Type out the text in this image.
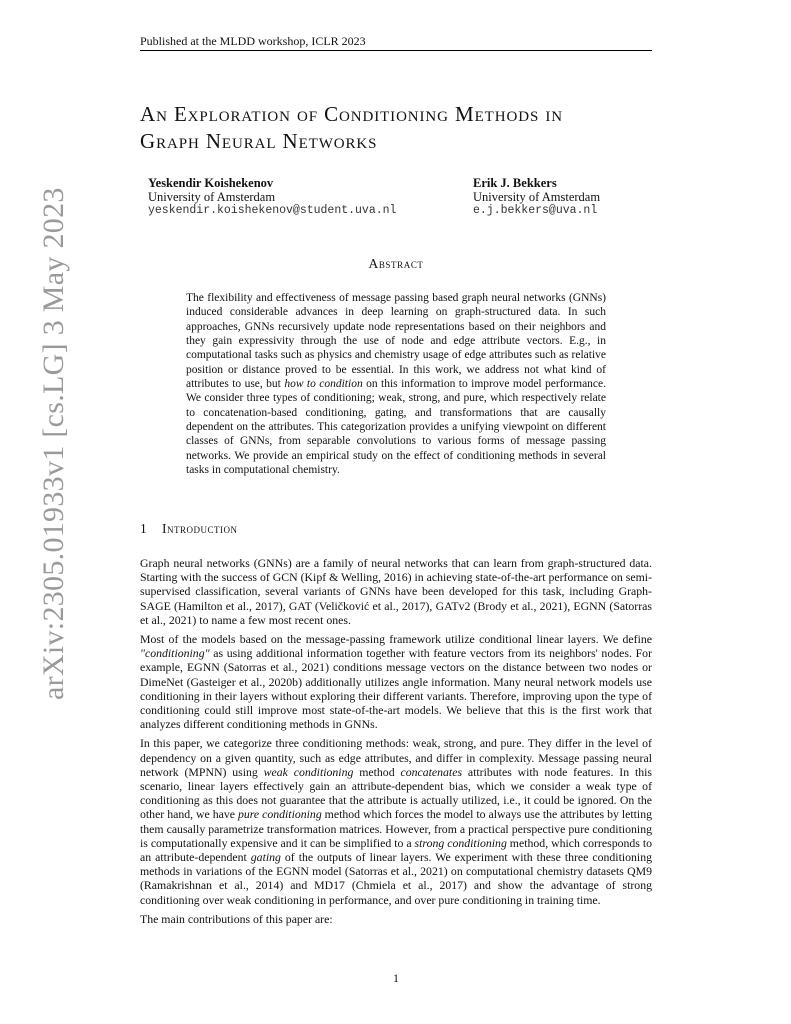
Published at the MLDD workshop, ICLR 2023
arXiv:2305.01933v1 [cs.LG] 3 May 2023
An Exploration of Conditioning Methods in
Graph Neural Networks
Yeskendir Koishekenov
University of Amsterdam
yeskendir.koishekenov@student.uva.nl
Erik J. Bekkers
University of Amsterdam
e.j.bekkers@uva.nl
Abstract

The flexibility and effectiveness of message passing based graph neural networks (GNNs) induced considerable advances in deep learning on graph-structured data. In such approaches, GNNs recursively update node representations based on their neighbors and they gain expressivity through the use of node and edge attribute vectors. E.g., in computational tasks such as physics and chemistry usage of edge attributes such as relative position or distance proved to be essential. In this work, we address not what kind of attributes to use, but how to condition on this information to improve model performance. We consider three types of conditioning; weak, strong, and pure, which respectively relate to concatenation-based conditioning, gating, and transformations that are causally dependent on the attributes. This categorization provides a unifying viewpoint on different classes of GNNs, from separable convolutions to various forms of message passing networks. We provide an empirical study on the effect of conditioning methods in several tasks in computational chemistry.

1 Introduction

Graph neural networks (GNNs) are a family of neural networks that can learn from graph-structured data. Starting with the success of GCN (Kipf & Welling, 2016) in achieving state-of-the-art performance on semi-supervised classification, several variants of GNNs have been developed for this task, including Graph-SAGE (Hamilton et al., 2017), GAT (Veličković et al., 2017), GATv2 (Brody et al., 2021), EGNN (Satorras et al., 2021) to name a few most recent ones.

Most of the models based on the message-passing framework utilize conditional linear layers. We define "conditioning" as using additional information together with feature vectors from its neighbors' nodes. For example, EGNN (Satorras et al., 2021) conditions message vectors on the distance between two nodes or DimeNet (Gasteiger et al., 2020b) additionally utilizes angle information. Many neural network models use conditioning in their layers without exploring their different variants. Therefore, improving upon the type of conditioning could still improve most state-of-the-art models. We believe that this is the first work that analyzes different conditioning methods in GNNs.

In this paper, we categorize three conditioning methods: weak, strong, and pure. They differ in the level of dependency on a given quantity, such as edge attributes, and differ in complexity. Message passing neural network (MPNN) using weak conditioning method concatenates attributes with node features. In this scenario, linear layers effectively gain an attribute-dependent bias, which we consider a weak type of conditioning as this does not guarantee that the attribute is actually utilized, i.e., it could be ignored. On the other hand, we have pure conditioning method which forces the model to always use the attributes by letting them causally parametrize transformation matrices. However, from a practical perspective pure conditioning is computationally expensive and it can be simplified to a strong conditioning method, which corresponds to an attribute-dependent gating of the outputs of linear layers. We experiment with these three conditioning methods in variations of the EGNN model (Satorras et al., 2021) on computational chemistry datasets QM9 (Ramakrishnan et al., 2014) and MD17 (Chmiela et al., 2017) and show the advantage of strong conditioning over weak conditioning in performance, and over pure conditioning in training time.

The main contributions of this paper are:

1
